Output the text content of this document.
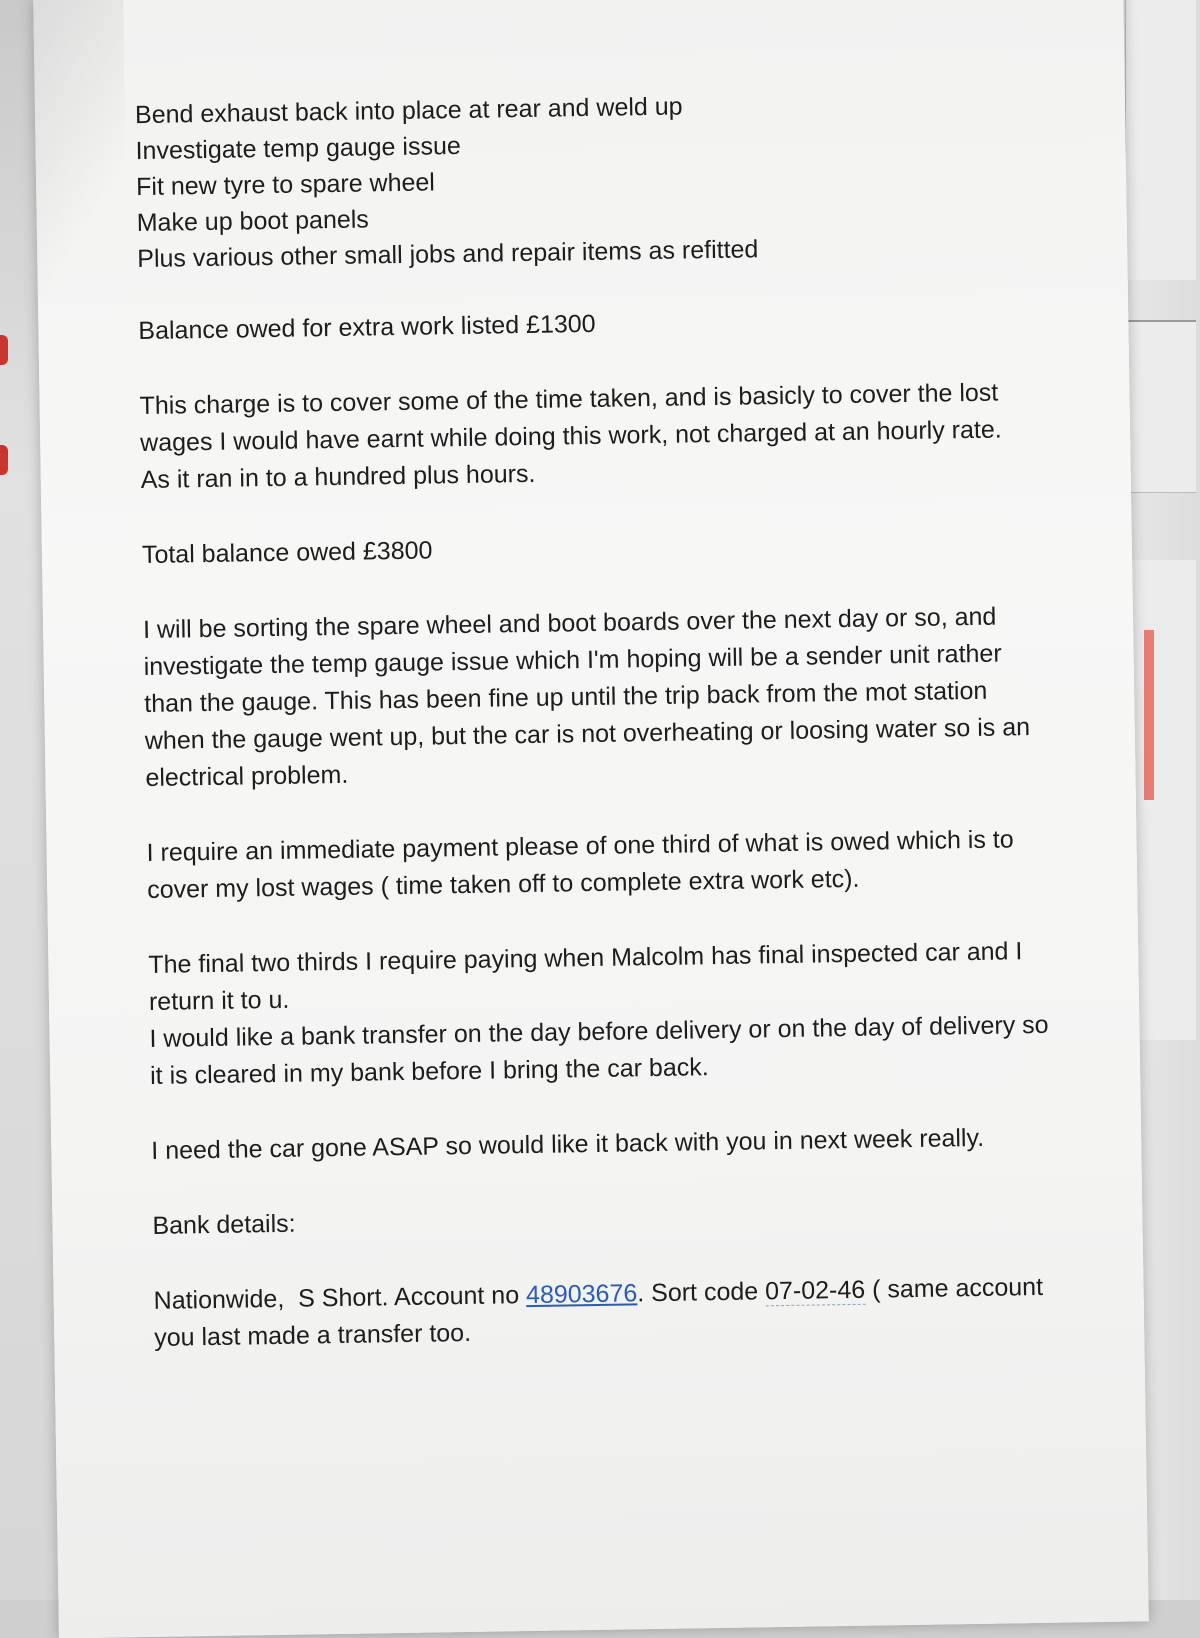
Bend exhaust back into place at rear and weld up
Investigate temp gauge issue
Fit new tyre to spare wheel
Make up boot panels
Plus various other small jobs and repair items as refitted

Balance owed for extra work listed £1300

This charge is to cover some of the time taken, and is basicly to cover the lost wages I would have earnt while doing this work, not charged at an hourly rate. As it ran in to a hundred plus hours.

Total balance owed £3800

I will be sorting the spare wheel and boot boards over the next day or so, and investigate the temp gauge issue which I'm hoping will be a sender unit rather than the gauge. This has been fine up until the trip back from the mot station when the gauge went up, but the car is not overheating or loosing water so is an electrical problem.

I require an immediate payment please of one third of what is owed which is to cover my lost wages ( time taken off to complete extra work etc).

The final two thirds I require paying when Malcolm has final inspected car and I return it to u.
I would like a bank transfer on the day before delivery or on the day of delivery so it is cleared in my bank before I bring the car back.

I need the car gone ASAP so would like it back with you in next week really.

Bank details:

Nationwide,  S Short. Account no 48903676. Sort code 07-02-46 ( same account you last made a transfer too.
